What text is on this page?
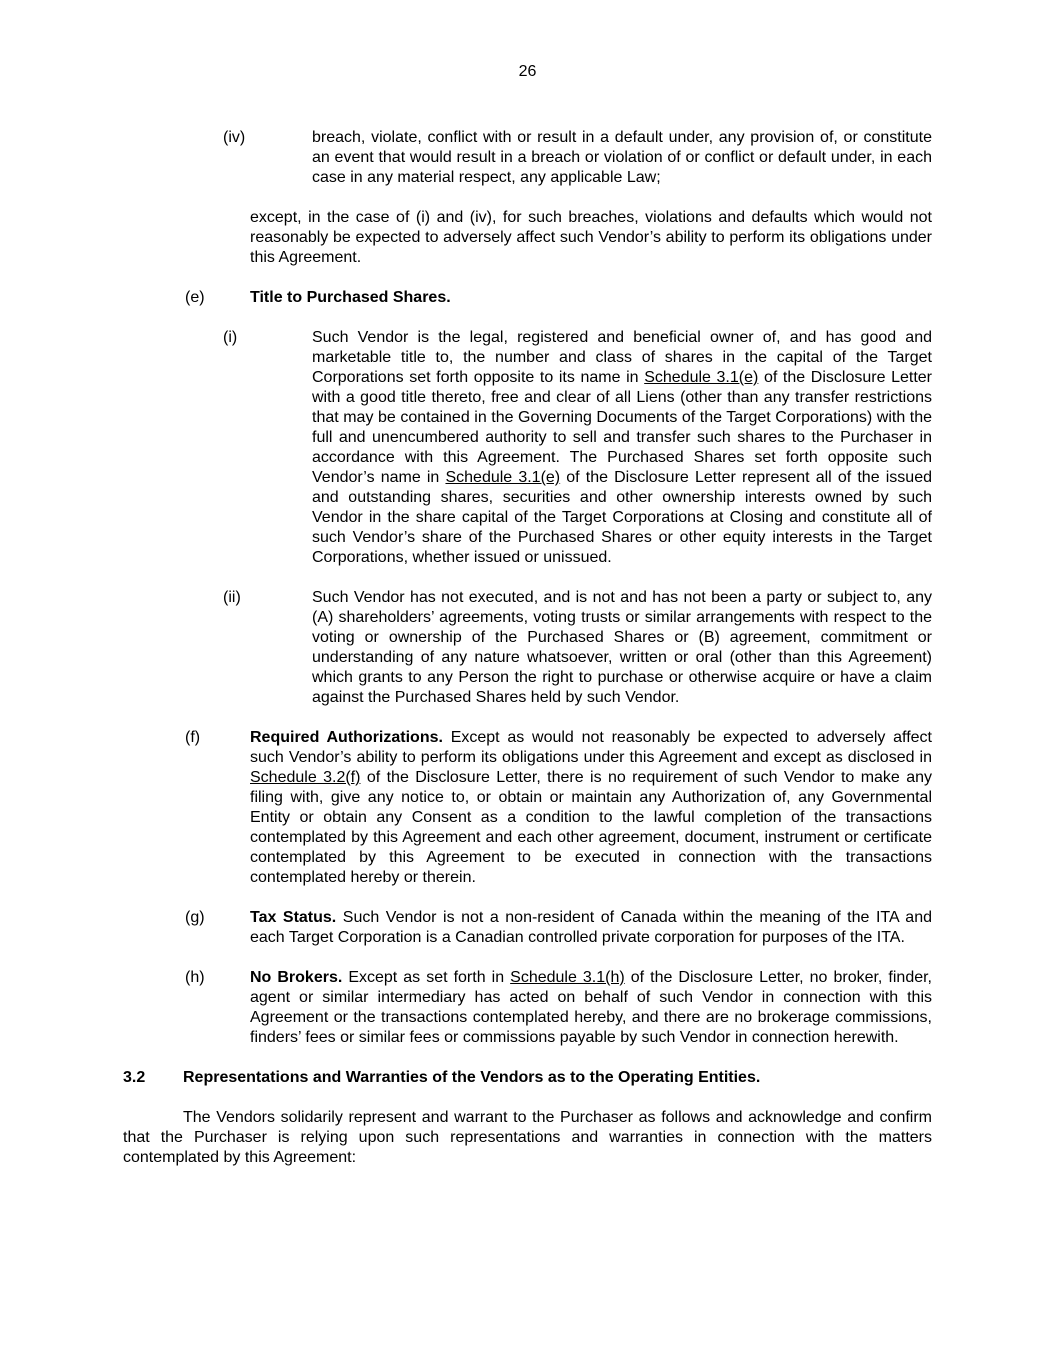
26
(iv)	breach, violate, conflict with or result in a default under, any provision of, or constitute an event that would result in a breach or violation of or conflict or default under, in each case in any material respect, any applicable Law;
except, in the case of (i) and (iv), for such breaches, violations and defaults which would not reasonably be expected to adversely affect such Vendor’s ability to perform its obligations under this Agreement.
(e)	Title to Purchased Shares.
(i)	Such Vendor is the legal, registered and beneficial owner of, and has good and marketable title to, the number and class of shares in the capital of the Target Corporations set forth opposite to its name in Schedule 3.1(e) of the Disclosure Letter with a good title thereto, free and clear of all Liens (other than any transfer restrictions that may be contained in the Governing Documents of the Target Corporations) with the full and unencumbered authority to sell and transfer such shares to the Purchaser in accordance with this Agreement. The Purchased Shares set forth opposite such Vendor’s name in Schedule 3.1(e) of the Disclosure Letter represent all of the issued and outstanding shares, securities and other ownership interests owned by such Vendor in the share capital of the Target Corporations at Closing and constitute all of such Vendor’s share of the Purchased Shares or other equity interests in the Target Corporations, whether issued or unissued.
(ii)	Such Vendor has not executed, and is not and has not been a party or subject to, any (A) shareholders’ agreements, voting trusts or similar arrangements with respect to the voting or ownership of the Purchased Shares or (B) agreement, commitment or understanding of any nature whatsoever, written or oral (other than this Agreement) which grants to any Person the right to purchase or otherwise acquire or have a claim against the Purchased Shares held by such Vendor.
(f)	Required Authorizations. Except as would not reasonably be expected to adversely affect such Vendor’s ability to perform its obligations under this Agreement and except as disclosed in Schedule 3.2(f) of the Disclosure Letter, there is no requirement of such Vendor to make any filing with, give any notice to, or obtain or maintain any Authorization of, any Governmental Entity or obtain any Consent as a condition to the lawful completion of the transactions contemplated by this Agreement and each other agreement, document, instrument or certificate contemplated by this Agreement to be executed in connection with the transactions contemplated hereby or therein.
(g)	Tax Status. Such Vendor is not a non-resident of Canada within the meaning of the ITA and each Target Corporation is a Canadian controlled private corporation for purposes of the ITA.
(h)	No Brokers. Except as set forth in Schedule 3.1(h) of the Disclosure Letter, no broker, finder, agent or similar intermediary has acted on behalf of such Vendor in connection with this Agreement or the transactions contemplated hereby, and there are no brokerage commissions, finders’ fees or similar fees or commissions payable by such Vendor in connection herewith.
3.2 Representations and Warranties of the Vendors as to the Operating Entities.
The Vendors solidarily represent and warrant to the Purchaser as follows and acknowledge and confirm that the Purchaser is relying upon such representations and warranties in connection with the matters contemplated by this Agreement:
